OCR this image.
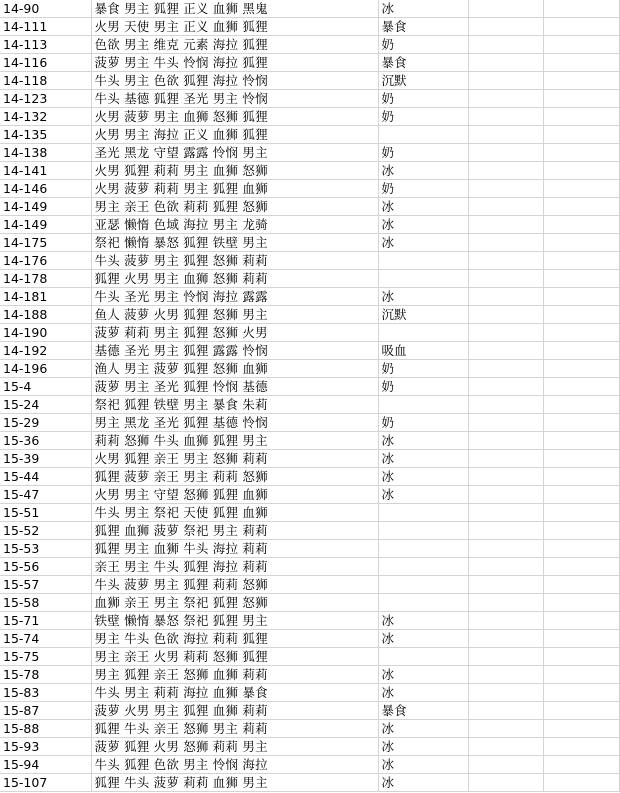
14-90	暴食 男主 狐狸 正义 血狮 黑鬼	冰		
14-111	火男 天使 男主 正义 血狮 狐狸	暴食		
14-113	色欲 男主 维克 元素 海拉 狐狸	奶		
14-116	菠萝 男主 牛头 怜悯 海拉 狐狸	暴食		
14-118	牛头 男主 色欲 狐狸 海拉 怜悯	沉默		
14-123	牛头 基德 狐狸 圣光 男主 怜悯	奶		
14-132	火男 菠萝 男主 血狮 怒狮 狐狸	奶		
14-135	火男 男主 海拉 正义 血狮 狐狸			
14-138	圣光 黑龙 守望 露露 怜悯 男主	奶		
14-141	火男 狐狸 莉莉 男主 血狮 怒狮	冰		
14-146	火男 菠萝 莉莉 男主 狐狸 血狮	奶		
14-149	男主 亲王 色欲 莉莉 狐狸 怒狮	冰		
14-149	亚瑟 懒惰 色域 海拉 男主 龙骑	冰		
14-175	祭祀 懒惰 暴怒 狐狸 铁壁 男主	冰		
14-176	牛头 菠萝 男主 狐狸 怒狮 莉莉			
14-178	狐狸 火男 男主 血狮 怒狮 莉莉			
14-181	牛头 圣光 男主 怜悯 海拉 露露	冰		
14-188	鱼人 菠萝 火男 狐狸 怒狮 男主	沉默		
14-190	菠萝 莉莉 男主 狐狸 怒狮 火男			
14-192	基德 圣光 男主 狐狸 露露 怜悯	吸血		
14-196	渔人 男主 菠萝 狐狸 怒狮 血狮	奶		
15-4	菠萝 男主 圣光 狐狸 怜悯 基德	奶		
15-24	祭祀 狐狸 铁壁 男主 暴食 朱莉			
15-29	男主 黑龙 圣光 狐狸 基德 怜悯	奶		
15-36	莉莉 怒狮 牛头 血狮 狐狸 男主	冰		
15-39	火男 狐狸 亲王 男主 怒狮 莉莉	冰		
15-44	狐狸 菠萝 亲王 男主 莉莉 怒狮	冰		
15-47	火男 男主 守望 怒狮 狐狸 血狮	冰		
15-51	牛头 男主 祭祀 天使 狐狸 血狮			
15-52	狐狸 血狮 菠萝 祭祀 男主 莉莉			
15-53	狐狸 男主 血狮 牛头 海拉 莉莉			
15-56	亲王 男主 牛头 狐狸 海拉 莉莉			
15-57	牛头 菠萝 男主 狐狸 莉莉 怒狮			
15-58	血狮 亲王 男主 祭祀 狐狸 怒狮			
15-71	铁壁 懒惰 暴怒 祭祀 狐狸 男主	冰		
15-74	男主 牛头 色欲 海拉 莉莉 狐狸	冰		
15-75	男主 亲王 火男 莉莉 怒狮 狐狸			
15-78	男主 狐狸 亲王 怒狮 血狮 莉莉	冰		
15-83	牛头 男主 莉莉 海拉 血狮 暴食	冰		
15-87	菠萝 火男 男主 狐狸 血狮 莉莉	暴食		
15-88	狐狸 牛头 亲王 怒狮 男主 莉莉	冰		
15-93	菠萝 狐狸 火男 怒狮 莉莉 男主	冰		
15-94	牛头 狐狸 色欲 男主 怜悯 海拉	冰		
15-107	狐狸 牛头 菠萝 莉莉 血狮 男主	冰		
